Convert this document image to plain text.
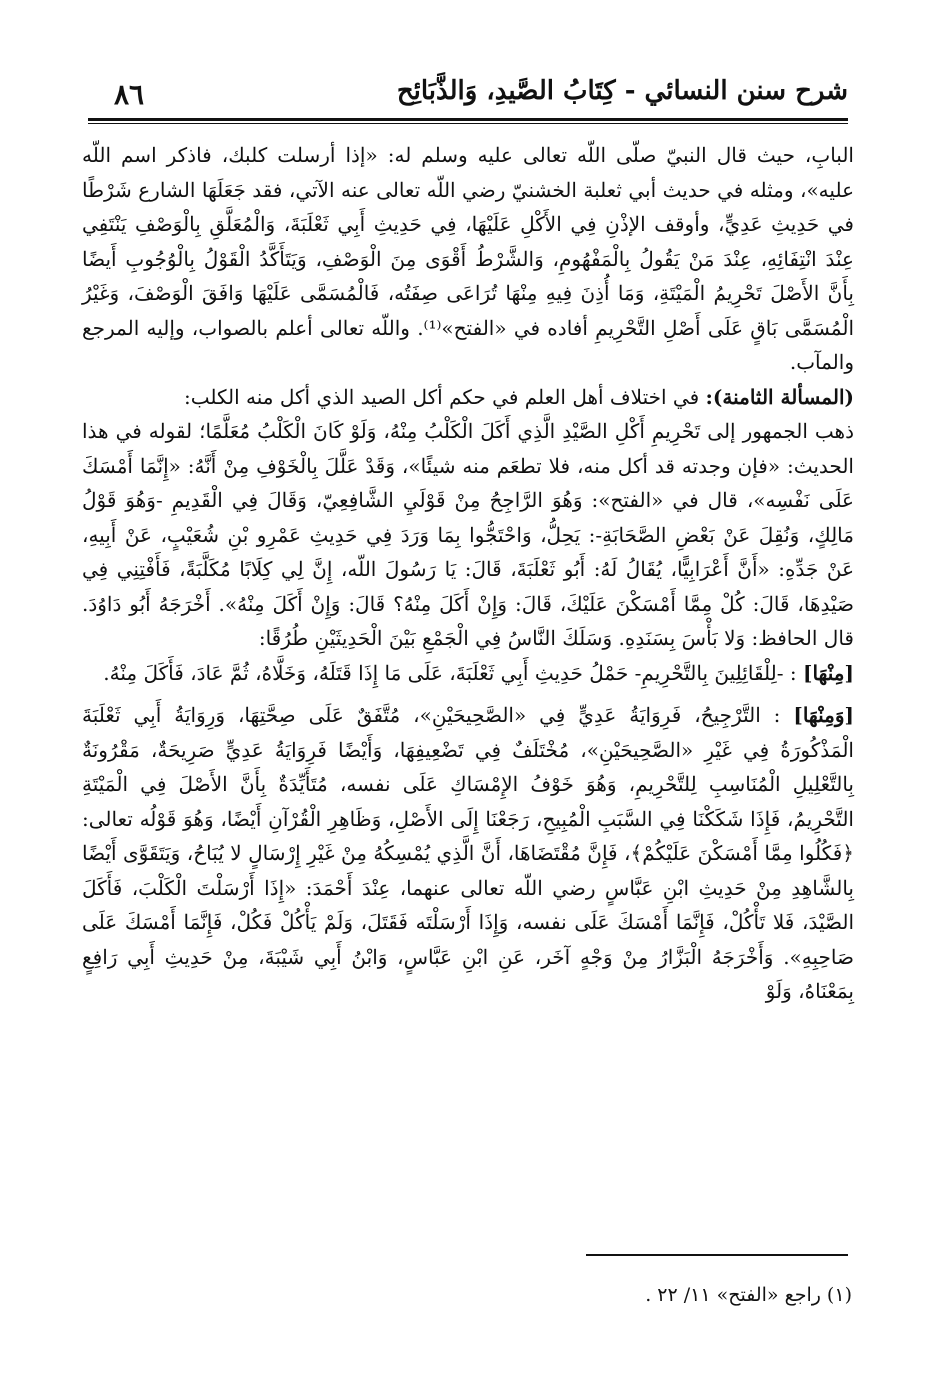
شرح سنن النسائي - كِتَابُ الصَّيدِ، وَالذَّبَائِح
٨٦

البابِ، حيث قال النبيّ صلّى اللّه تعالى عليه وسلم له: «إذا أرسلت كلبك، فاذكر اسم اللّه عليه»، ومثله في حديث أبي ثعلبة الخشنيّ رضي اللّه تعالى عنه الآتي، فقد جَعَلَهَا الشارع شَرْطًا في حَدِيثِ عَدِيٍّ، وأوقف الإذْنِ فِي الأَكْلِ عَلَيْهَا، فِي حَدِيثِ أَبِي ثَعْلَبَةَ، وَالْمُعَلَّقِ بِالْوَصْفِ يَنْتَفِي عِنْدَ انْتِفَائِهِ، عِنْدَ مَنْ يَقُولُ بِالْمَفْهُومِ، وَالشَّرْطُ أَقْوَى مِنَ الْوَصْفِ، وَيَتَأَكَّدُ الْقَوْلُ بِالْوُجُوبِ أَيضًا بِأَنَّ الأَصْلَ تَحْرِيمُ الْمَيْتَةِ، وَمَا أُذِنَ فِيهِ مِنْهَا تُرَاعَى صِفَتُه، فَالْمُسَمَّى عَلَيْهَا وَافَقَ الْوَصْفَ، وَغَيْرُ الْمُسَمَّى بَاقٍ عَلَى أَصْلِ التَّحْرِيمِ أفاده في «الفتح»⁽¹⁾. واللّه تعالى أعلم بالصواب، وإليه المرجع والمآب.

(المسألة الثامنة): في اختلاف أهل العلم في حكم أكل الصيد الذي أكل منه الكلب:

ذهب الجمهور إلى تَحْرِيمِ أَكْلِ الصَّيْدِ الَّذِي أَكَلَ الْكَلْبُ مِنْهُ، وَلَوْ كَانَ الْكَلْبُ مُعَلَّمًا؛ لقوله في هذا الحديث: «فإن وجدته قد أكل منه، فلا تطعَم منه شيئًا»، وَقَدْ عَلَّلَ بِالْخَوْفِ مِنْ أَنَّهُ: «إِنَّمَا أَمْسَكَ عَلَى نَفْسِه»، قال في «الفتح»: وَهُوَ الرَّاجِحُ مِنْ قَوْلَيِ الشَّافِعِيّ، وَقَالَ فِي الْقَدِيمِ -وَهُوَ قَوْلُ مَالِكٍ، وَنُقِلَ عَنْ بَعْضِ الصَّحَابَةِ-: يَحِلُّ، وَاحْتَجُّوا بِمَا وَرَدَ فِي حَدِيثِ عَمْرِو بْنِ شُعَيْبٍ، عَنْ أَبِيهِ، عَنْ جَدِّهِ: «أَنَّ أَعْرَابِيًّا، يُقَالُ لَهُ: أَبُو ثَعْلَبَةَ، قَالَ: يَا رَسُولَ اللّه، إِنَّ لِي كِلَابًا مُكَلَّبَةً، فَأَفْتِنِي فِي صَيْدِهَا، قَالَ: كُلْ مِمَّا أَمْسَكْنَ عَلَيْكَ، قَالَ: وَإِنْ أَكَلَ مِنْهُ؟ قَالَ: وَإِنْ أَكَلَ مِنْهُ». أَخْرَجَهُ أَبُو دَاوُدَ. قال الحافظ: وَلا بَأْسَ بِسَنَدِهِ. وَسَلَكَ النَّاسُ فِي الْجَمْعِ بَيْنَ الْحَدِيثَيْنِ طُرُقًا:

[مِنْهَا] : -لِلْقَائِلِينَ بِالتَّحْرِيمِ- حَمْلُ حَدِيثِ أَبِي ثَعْلَبَةَ، عَلَى مَا إِذَا قَتَلَهُ، وَخَلَّاهُ، ثُمَّ عَادَ، فَأَكَلَ مِنْهُ.

[وَمِنْهَا] : التَّرْجِيحُ، فَرِوَايَةُ عَدِيٍّ فِي «الصَّحِيحَيْنِ»، مُتَّفَقٌ عَلَى صِحَّتِهَا، وَرِوَايَةُ أَبِي ثَعْلَبَةَ الْمَذْكُورَةُ فِي غَيْرِ «الصَّحِيحَيْنِ»، مُخْتَلَفٌ فِي تَضْعِيفِهَا، وَأَيْضًا فَرِوَايَةُ عَدِيٍّ صَرِيحَةٌ، مَقْرُونَةٌ بِالتَّعْلِيلِ الْمُنَاسِبِ لِلتَّحْرِيمِ، وَهُوَ خَوْفُ الإِمْسَاكِ عَلَى نفسه، مُتَأَيِّدَةٌ بِأَنَّ الأَصْلَ فِي الْمَيْتَةِ التَّحْرِيمُ، فَإِذَا شَكَكْنَا فِي السَّبَبِ الْمُبِيحِ، رَجَعْنَا إِلَى الأَصْلِ، وَظَاهِرِ الْقُرْآنِ أَيْضًا، وَهُوَ قَوْلُه تعالى: ﴿فَكُلُوا مِمَّا أَمْسَكْنَ عَلَيْكُمْ﴾، فَإِنَّ مُقْتَضَاهَا، أَنَّ الَّذِي يُمْسِكُهُ مِنْ غَيْرِ إِرْسَالٍ لا يُبَاحُ، وَيَتَقَوَّى أَيْضًا بِالشَّاهِدِ مِنْ حَدِيثِ ابْنِ عَبَّاسٍ رضي اللّه تعالى عنهما، عِنْدَ أَحْمَدَ: «إِذَا أَرْسَلْتَ الْكَلْبَ، فَأَكَلَ الصَّيْدَ، فَلا تَأْكُلْ، فَإِنَّمَا أَمْسَكَ عَلَى نفسه، وَإِذَا أَرْسَلْتَه فَقَتَلَ، وَلَمْ يَأْكُلْ فَكُلْ، فَإِنَّمَا أَمْسَكَ عَلَى صَاحِبِهِ». وَأَخْرَجَهُ الْبَزَّارُ مِنْ وَجْهٍ آخَر، عَنِ ابْنِ عَبَّاسٍ، وَابْنُ أَبِي شَيْبَةَ، مِنْ حَدِيثِ أَبِي رَافِعٍ بِمَعْنَاهُ، وَلَوْ

(١) راجع «الفتح» ١١/ ٢٢ .
